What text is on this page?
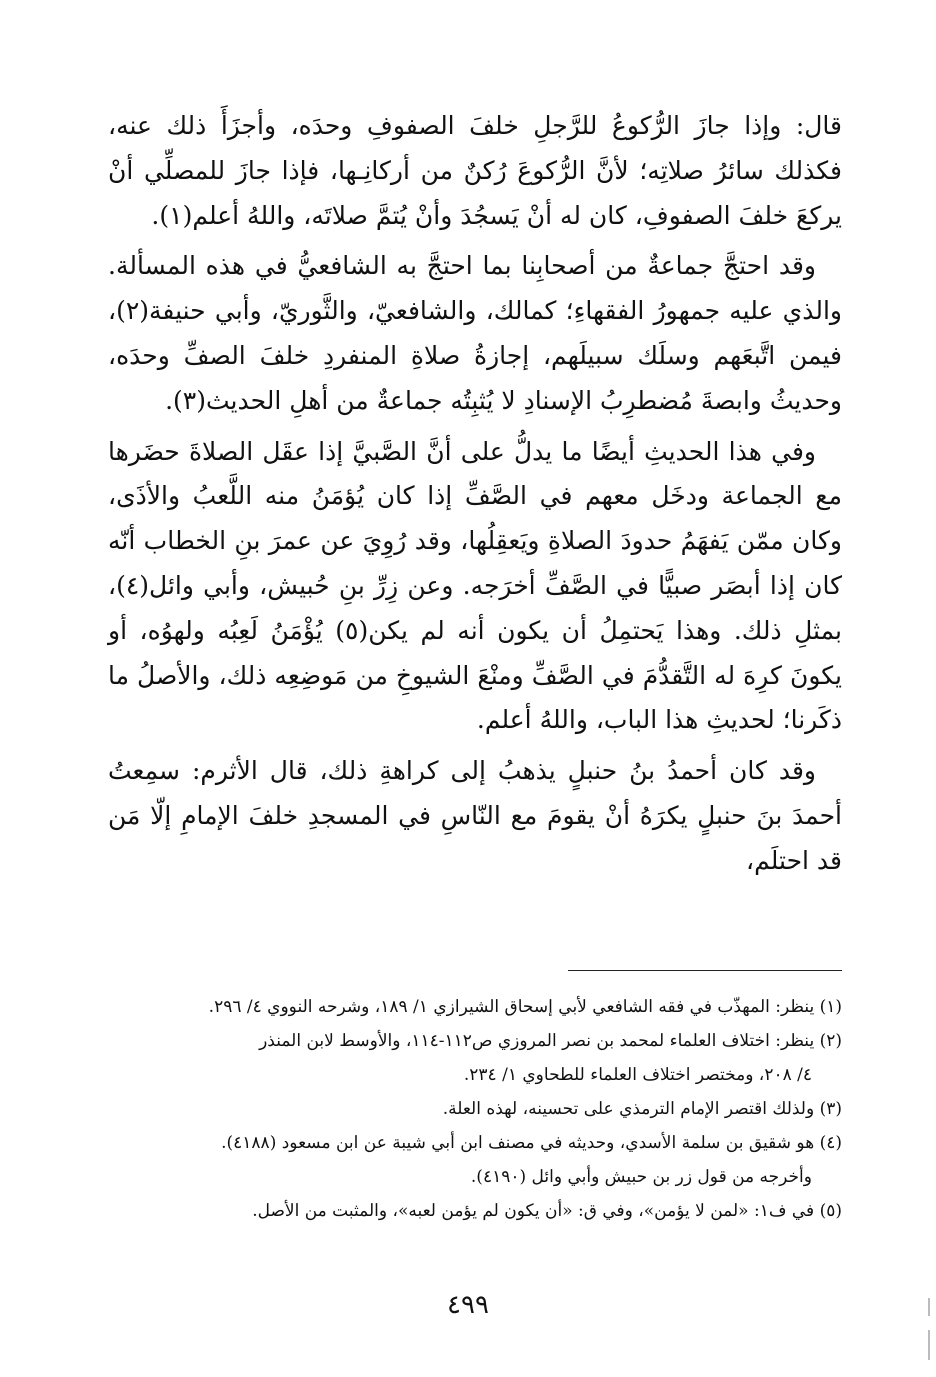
قال: وإذا جازَ الرُّكوعُ للرَّجلِ خلفَ الصفوفِ وحدَه، وأجزَأَ ذلك عنه، فكذلك سائرُ صلاتِه؛ لأنَّ الرُّكوعَ رُكنٌ من أركانِـها، فإذا جازَ للمصلِّي أنْ يركعَ خلفَ الصفوفِ، كان له أنْ يَسجُدَ وأنْ يُتمَّ صلاتَه، واللهُ أعلم(١).

وقد احتجَّ جماعةٌ من أصحابِنا بما احتجَّ به الشافعيُّ في هذه المسألة. والذي عليه جمهورُ الفقهاءِ؛ كمالك، والشافعيّ، والثَّوريّ، وأبي حنيفة(٢)، فيمن اتَّبعَهم وسلَك سبيلَهم، إجازةُ صلاةِ المنفردِ خلفَ الصفِّ وحدَه، وحديثُ وابصةَ مُضطرِبُ الإسنادِ لا يُثبِتُه جماعةٌ من أهلِ الحديث(٣).

وفي هذا الحديثِ أيضًا ما يدلُّ على أنَّ الصَّبيَّ إذا عقَل الصلاةَ حضَرها مع الجماعة ودخَل معهم في الصَّفِّ إذا كان يُؤمَنُ منه اللَّعبُ والأذَى، وكان ممّن يَفهَمُ حدودَ الصلاةِ ويَعقِلُها، وقد رُوِيَ عن عمرَ بنِ الخطاب أنّه كان إذا أبصَر صبيًّا في الصَّفِّ أخرَجه. وعن زِرِّ بنِ حُبيش، وأبي وائل(٤)، بمثلِ ذلك. وهذا يَحتمِلُ أن يكون أنه لم يكن(٥) يُؤْمَنُ لَعِبُه ولهوُه، أو يكونَ كرِهَ له التَّقدُّمَ في الصَّفِّ ومنْعَ الشيوخِ من مَوضِعِه ذلك، والأصلُ ما ذكَرنا؛ لحديثِ هذا الباب، واللهُ أعلم.

وقد كان أحمدُ بنُ حنبلٍ يذهبُ إلى كراهةِ ذلك، قال الأثرم: سمِعتُ أحمدَ بنَ حنبلٍ يكرَهُ أنْ يقومَ مع النّاسِ في المسجدِ خلفَ الإمامِ إلّا مَن قد احتلَم،

(١) ينظر: المهذّب في فقه الشافعي لأبي إسحاق الشيرازي ١/ ١٨٩، وشرحه النووي ٤/ ٢٩٦.

(٢) ينظر: اختلاف العلماء لمحمد بن نصر المروزي ص١١٢-١١٤، والأوسط لابن المنذر

٤/ ٢٠٨، ومختصر اختلاف العلماء للطحاوي ١/ ٢٣٤.

(٣) ولذلك اقتصر الإمام الترمذي على تحسينه، لهذه العلة.

(٤) هو شقيق بن سلمة الأسدي، وحديثه في مصنف ابن أبي شيبة عن ابن مسعود (٤١٨٨).

وأخرجه من قول زر بن حبيش وأبي وائل (٤١٩٠).

(٥) في ف١: «لمن لا يؤمن»، وفي ق: «أن يكون لم يؤمن لعبه»، والمثبت من الأصل.

٤٩٩
